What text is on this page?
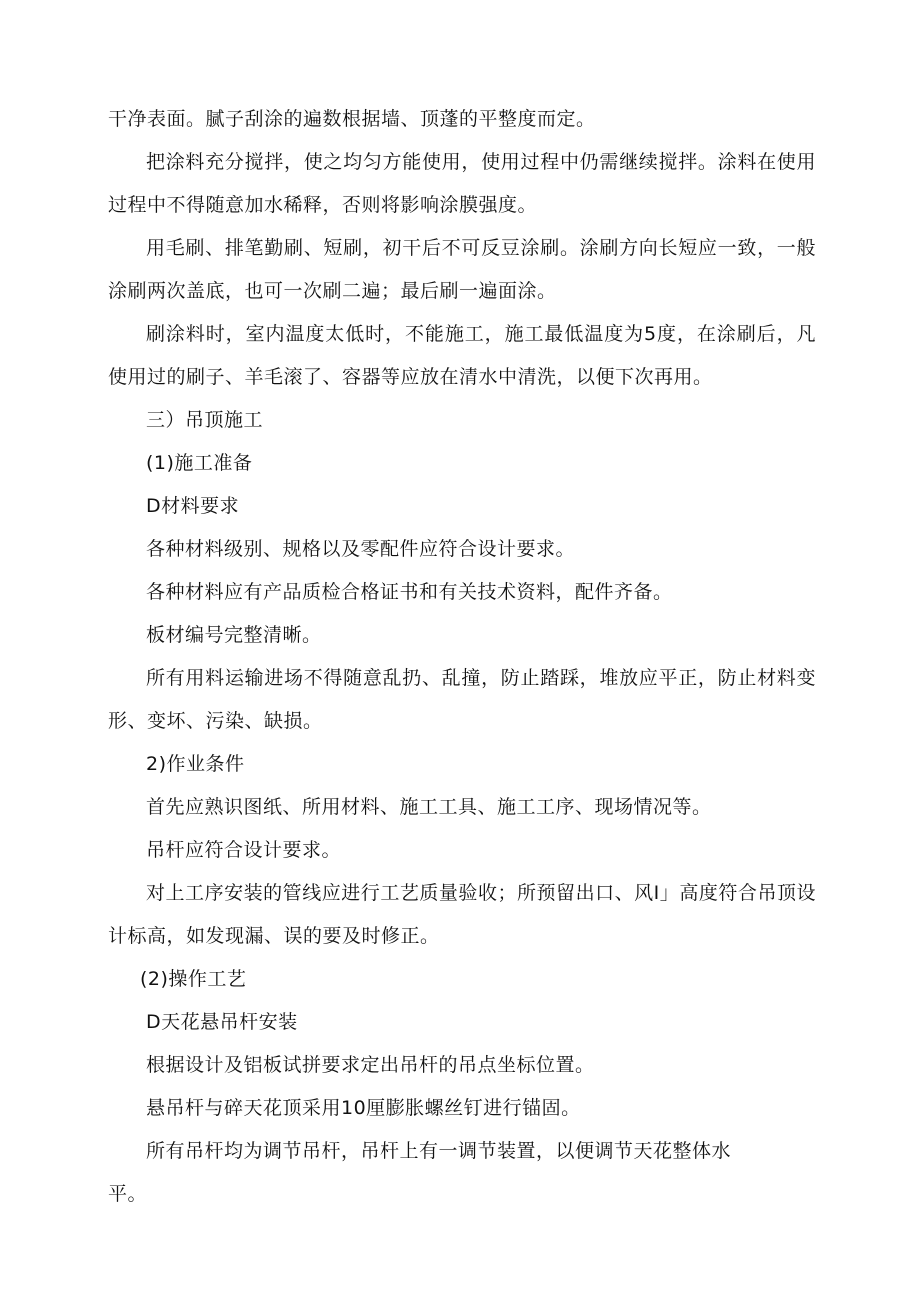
干净表面。腻子刮涂的遍数根据墙、顶蓬的平整度而定。

把涂料充分搅拌，使之均匀方能使用，使用过程中仍需继续搅拌。涂料在使用过程中不得随意加水稀释，否则将影响涂膜强度。

用毛刷、排笔勤刷、短刷，初干后不可反豆涂刷。涂刷方向长短应一致，一般涂刷两次盖底，也可一次刷二遍；最后刷一遍面涂。

刷涂料时，室内温度太低时，不能施工，施工最低温度为5度，在涂刷后，凡使用过的刷子、羊毛滚了、容器等应放在清水中清洗，以便下次再用。

三）吊顶施工

(1)施工准备

D材料要求

各种材料级别、规格以及零配件应符合设计要求。

各种材料应有产品质检合格证书和有关技术资料，配件齐备。

板材编号完整清晰。

所有用料运输进场不得随意乱扔、乱撞，防止踏踩，堆放应平正，防止材料变形、变坏、污染、缺损。

2)作业条件

首先应熟识图纸、所用材料、施工工具、施工工序、现场情况等。

吊杆应符合设计要求。

对上工序安装的管线应进行工艺质量验收；所预留出口、风I」高度符合吊顶设计标高，如发现漏、误的要及时修正。

(2)操作工艺

D天花悬吊杆安装

根据设计及铝板试拼要求定出吊杆的吊点坐标位置。

悬吊杆与碎天花顶采用10厘膨胀螺丝钉进行锚固。

所有吊杆均为调节吊杆，吊杆上有一调节装置，以便调节天花整体水平。
